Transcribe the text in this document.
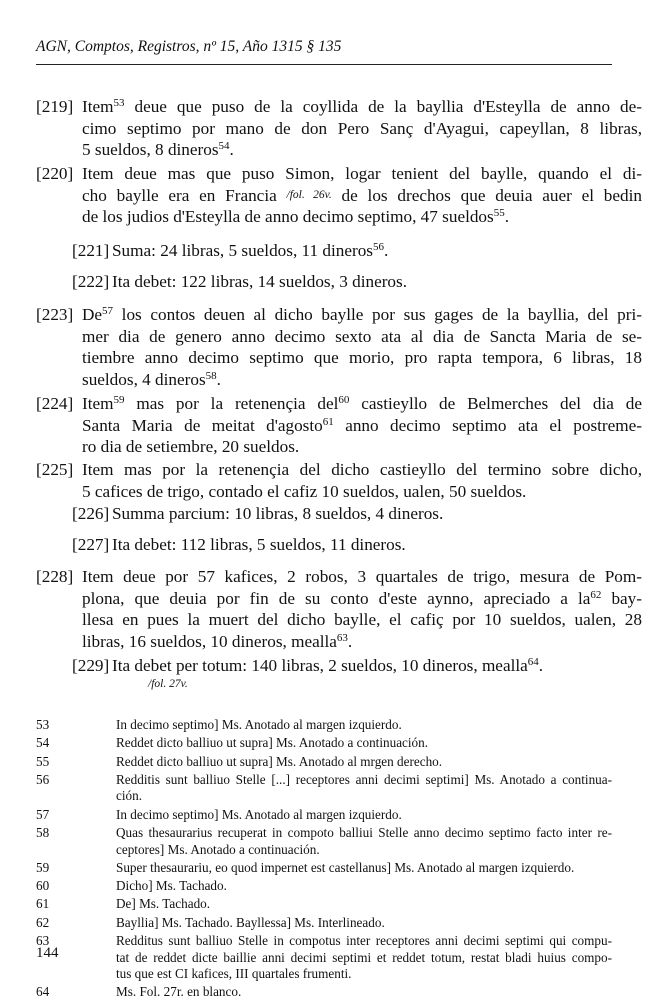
AGN, Comptos, Registros, nº 15, Año 1315 § 135
[219] Item$^{53}$ deue que puso de la coyllida de la bayllia d'Esteylla de anno de-
cimo septimo por mano de don Pero Sanç d'Ayagui, capeyllan, 8 libras,
5 sueldos, 8 dineros$^{54}$.
[220] Item deue mas que puso Simon, logar tenient del baylle, quando el di-
cho baylle era en Francia /fol. 26v. de los drechos que deuia auer el bedin
de los judios d'Esteylla de anno decimo septimo, 47 sueldos$^{55}$.
[221] Suma: 24 libras, 5 sueldos, 11 dineros$^{56}$.
[222] Ita debet: 122 libras, 14 sueldos, 3 dineros.
[223] De$^{57}$ los contos deuen al dicho baylle por sus gages de la bayllia, del pri-
mer dia de genero anno decimo sexto ata al dia de Sancta Maria de se-
tiembre anno decimo septimo que morio, pro rapta tempora, 6 libras, 18
sueldos, 4 dineros$^{58}$.
[224] Item$^{59}$ mas por la retenençia del$^{60}$ castieyllo de Belmerches del dia de
Santa Maria de meitat d'agosto$^{61}$ anno decimo septimo ata el postreme-
ro dia de setiembre, 20 sueldos.
[225] Item mas por la retenençia del dicho castieyllo del termino sobre dicho,
5 cafices de trigo, contado el cafiz 10 sueldos, ualen, 50 sueldos.
[226] Summa parcium: 10 libras, 8 sueldos, 4 dineros.
[227] Ita debet: 112 libras, 5 sueldos, 11 dineros.
[228] Item deue por 57 kafices, 2 robos, 3 quartales de trigo, mesura de Pom-
plona, que deuia por fin de su conto d'este aynno, apreciado a $la^{62}$ bay-
llesa en pues la muert del dicho baylle, el cafiç por 10 sueldos, ualen, 28
libras, 16 sueldos, 10 dineros, mealla$^{63}$.
[229] Ita debet per totum: 140 libras, 2 sueldos, 10 dineros, mealla$^{64}$.
/fol. 27v.
53	In decimo septimo] Ms. Anotado al margen izquierdo.
54	Reddet dicto balliuo ut supra] Ms. Anotado a continuación.
55	Reddet dicto balliuo ut supra] Ms. Anotado al mrgen derecho.
56	Redditis sunt balliuo Stelle [...] receptores anni decimi septimi] Ms. Anotado a continua-
ción.
57	In decimo septimo] Ms. Anotado al margen izquierdo.
58	Quas thesaurarius recuperat in compoto balliui Stelle anno decimo septimo facto inter re-
ceptores] Ms. Anotado a continuación.
59	Super thesaurariu, eo quod impernet est castellanus] Ms. Anotado al margen izquierdo.
60	Dicho] Ms. Tachado.
61	De] Ms. Tachado.
62	Bayllia] Ms. Tachado. Bayllessa] Ms. Interlineado.
63	Redditus sunt balliuo Stelle in compotus inter receptores anni decimi septimi qui compu-
tat de reddet dicte baillie anni decimi septimi et reddet totum, restat bladi huius compo-
tus que est CI kafices, III quartales frumenti.
64	Ms. Fol. 27r. en blanco.
144
